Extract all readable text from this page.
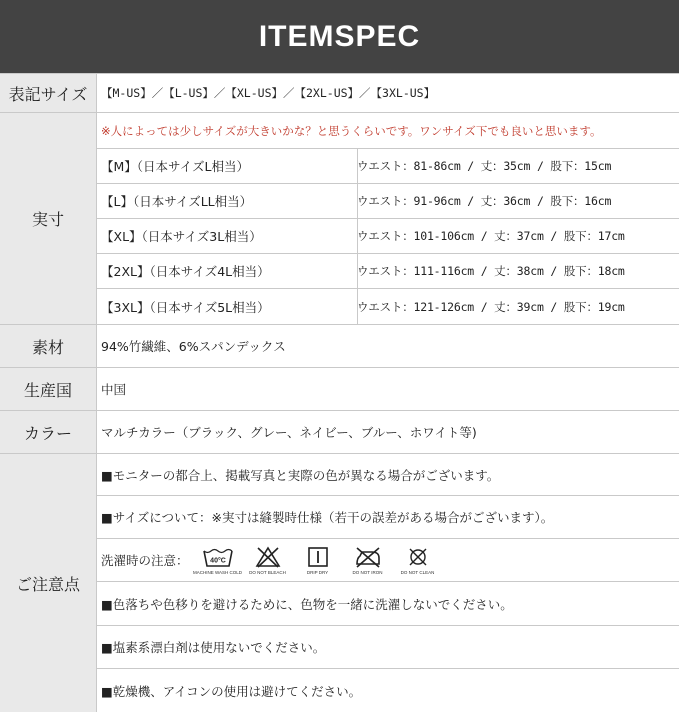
ITEMSPEC
表記サイズ	【M-US】／【L-US】／【XL-US】／【2XL-US】／【3XL-US】
実寸
※人によっては少しサイズが大きいかな？と思うくらいです。ワンサイズ下でも良いと思います。
【M】（日本サイズL相当）	ウエスト：81-86cm / 丈：35cm / 股下：15cm
【L】（日本サイズLL相当）	ウエスト：91-96cm / 丈：36cm / 股下：16cm
【XL】（日本サイズ3L相当）	ウエスト：101-106cm / 丈：37cm / 股下：17cm
【2XL】（日本サイズ4L相当）	ウエスト：111-116cm / 丈：38cm / 股下：18cm
【3XL】（日本サイズ5L相当）	ウエスト：121-126cm / 丈：39cm / 股下：19cm
素材	94%竹繊維、6%スパンデックス
生産国	中国
カラー	マルチカラー（ブラック、グレー、ネイビー、ブルー、ホワイト等)
ご注意点
■モニターの都合上、掲載写真と実際の色が異なる場合がございます。
■サイズについて：※実寸は縫製時仕様（若干の誤差がある場合がございます）。
洗濯時の注意：	40°C
MACHINE WASH COLD DO NOT BLEACH	DRIP DRY	DO NOT IRON	DO NOT CLEAN
■色落ちや色移りを避けるために、色物を一緒に洗濯しないでください。
■塩素系漂白剤は使用ないでください。
■乾燥機、アイコンの使用は避けてください。
